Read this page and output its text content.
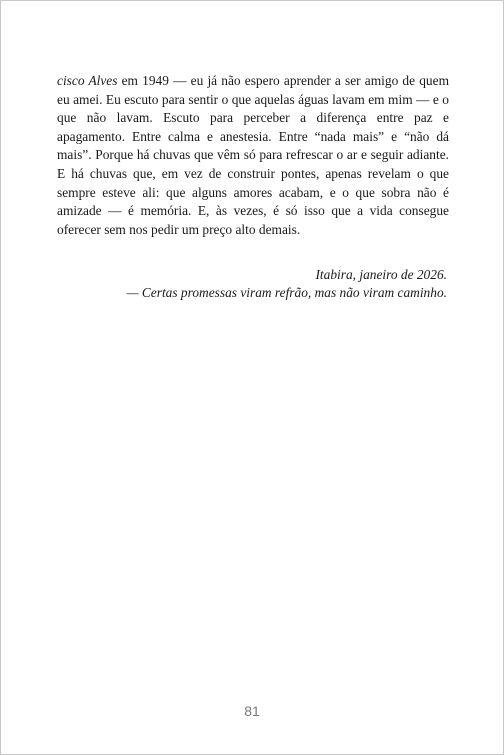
cisco Alves em 1949 — eu já não espero aprender a ser amigo de quem eu amei. Eu escuto para sentir o que aquelas águas lavam em mim — e o que não lavam. Escuto para perceber a diferença entre paz e apagamento. Entre calma e anestesia. Entre “nada mais” e “não dá mais”. Porque há chuvas que vêm só para refrescar o ar e seguir adiante. E há chuvas que, em vez de construir pontes, apenas revelam o que sempre esteve ali: que alguns amores acabam, e o que sobra não é amizade — é memória. E, às vezes, é só isso que a vida consegue oferecer sem nos pedir um preço alto demais.

Itabira, janeiro de 2026.
— Certas promessas viram refrão, mas não viram caminho.
81
